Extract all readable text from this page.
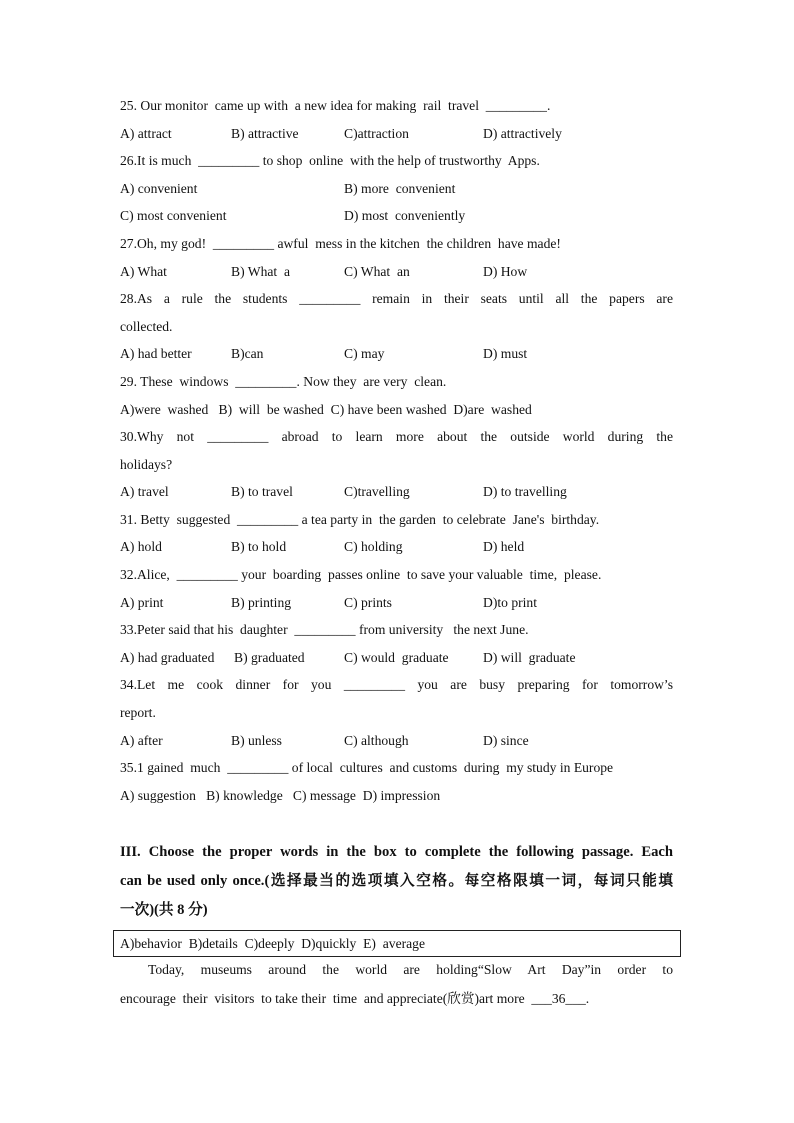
25. Our monitor  came up with  a new idea for making  rail  travel  _________.
A) attract	B) attractive	C)attraction	D) attractively
26.It is much  _________ to shop  online  with the help of trustworthy  Apps.
A) convenient	B) more  convenient
C) most convenient	D) most  conveniently
27.Oh, my god!  _________ awful  mess in the kitchen  the children  have made!
A) What	B) What  a	C) What  an	D) How
28.As a rule the students _________ remain in their seats until all the papers are
collected.
A) had better	B)can	C) may	D) must
29. These  windows  _________. Now they  are very  clean.
A)were  washed   B)  will  be washed  C) have been washed  D)are  washed
30.Why not _________ abroad to learn more about the outside world during the
holidays?
A) travel	B) to travel	C)travelling	D) to travelling
31. Betty  suggested  _________ a tea party in  the garden  to celebrate  Jane's  birthday.
A) hold	B) to hold	C) holding	D) held
32.Alice,  _________ your  boarding  passes online  to save your valuable  time,  please.
A) print	B) printing	C) prints	D)to print
33.Peter said that his  daughter  _________ from university   the next June.
A) had graduated B) graduated	C) would  graduate	D) will  graduate
34.Let me cook dinner for you _________ you are busy preparing for tomorrow’s
report.
A) after	B) unless	C) although	D) since
35.1 gained  much  _________ of local  cultures  and customs  during  my study in Europe
A) suggestion   B) knowledge   C) message  D) impression
III. Choose the proper words in the box to complete the following passage. Each
can be used only once.(选择最当的选项填入空格。每空格限填一词，每词只能填
一次)(共 8 分)
A)behavior  B)details  C)deeply  D)quickly  E)  average
Today, museums around the world are holding“Slow Art Day”in order to
encourage  their  visitors  to take their  time  and appreciate(欣赏)art more  ___36___.
